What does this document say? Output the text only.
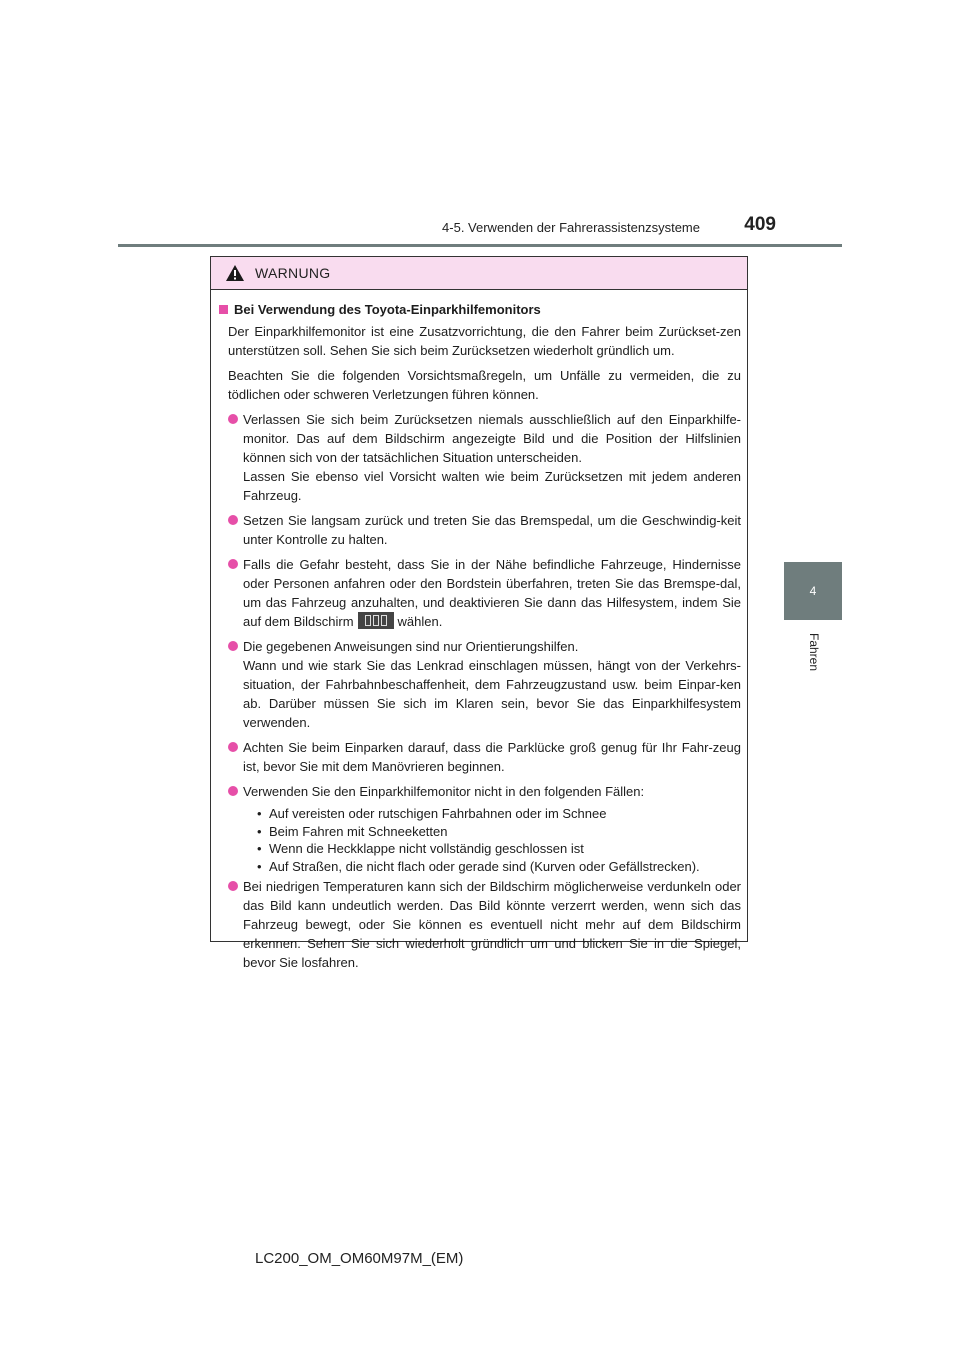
4-5. Verwenden der Fahrerassistenzsysteme	409
4
Fahren
WARNUNG
Bei Verwendung des Toyota-Einparkhilfemonitors

Der Einparkhilfemonitor ist eine Zusatzvorrichtung, die den Fahrer beim Zurückset-zen unterstützen soll. Sehen Sie sich beim Zurücksetzen wiederholt gründlich um.

Beachten Sie die folgenden Vorsichtsmaßregeln, um Unfälle zu vermeiden, die zu tödlichen oder schweren Verletzungen führen können.

Verlassen Sie sich beim Zurücksetzen niemals ausschließlich auf den Einparkhilfe-monitor. Das auf dem Bildschirm angezeigte Bild und die Position der Hilfslinien können sich von der tatsächlichen Situation unterscheiden.

Lassen Sie ebenso viel Vorsicht walten wie beim Zurücksetzen mit jedem anderen Fahrzeug.

Setzen Sie langsam zurück und treten Sie das Bremspedal, um die Geschwindig-keit unter Kontrolle zu halten.

Falls die Gefahr besteht, dass Sie in der Nähe befindliche Fahrzeuge, Hindernisse oder Personen anfahren oder den Bordstein überfahren, treten Sie das Bremspe-dal, um das Fahrzeug anzuhalten, und deaktivieren Sie dann das Hilfesystem, indem Sie auf dem Bildschirm	wählen.

Die gegebenen Anweisungen sind nur Orientierungshilfen.

Wann und wie stark Sie das Lenkrad einschlagen müssen, hängt von der Verkehrs-situation, der Fahrbahnbeschaffenheit, dem Fahrzeugzustand usw. beim Einpar-ken ab. Darüber müssen Sie sich im Klaren sein, bevor Sie das Einparkhilfesystem verwenden.

Achten Sie beim Einparken darauf, dass die Parklücke groß genug für Ihr Fahr-zeug ist, bevor Sie mit dem Manövrieren beginnen.

Verwenden Sie den Einparkhilfemonitor nicht in den folgenden Fällen:

• Auf vereisten oder rutschigen Fahrbahnen oder im Schnee
• Beim Fahren mit Schneeketten
• Wenn die Heckklappe nicht vollständig geschlossen ist
• Auf Straßen, die nicht flach oder gerade sind (Kurven oder Gefällstrecken).

Bei niedrigen Temperaturen kann sich der Bildschirm möglicherweise verdunkeln oder das Bild kann undeutlich werden. Das Bild könnte verzerrt werden, wenn sich das Fahrzeug bewegt, oder Sie können es eventuell nicht mehr auf dem Bildschirm erkennen. Sehen Sie sich wiederholt gründlich um und blicken Sie in die Spiegel, bevor Sie losfahren.

LC200_OM_OM60M97M_(EM)
